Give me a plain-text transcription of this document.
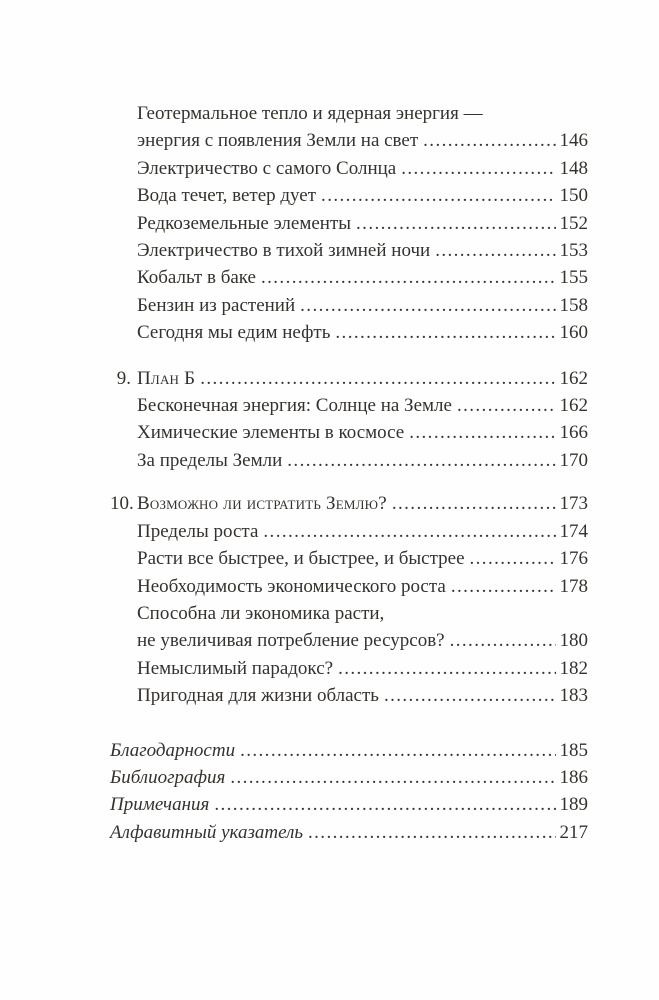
Геотермальное тепло и ядерная энергия —
энергия с появления Земли на свет .....	146
Электричество с самого Солнца .....	148
Вода течет, ветер дует .....	150
Редкоземельные элементы .....	152
Электричество в тихой зимней ночи .....	153
Кобальт в баке .....	155
Бензин из растений .....	158
Сегодня мы едим нефть .....	160
9. План Б .....	162
Бесконечная энергия: Солнце на Земле .....	162
Химические элементы в космосе .....	166
За пределы Земли .....	170
10. Возможно ли истратить Землю? .....	173
Пределы роста .....	174
Расти все быстрее, и быстрее, и быстрее .....	176
Необходимость экономического роста .....	178
Способна ли экономика расти,
не увеличивая потребление ресурсов? .....	180
Немыслимый парадокс? .....	182
Пригодная для жизни область .....	183
Благодарности .....	185
Библиография .....	186
Примечания .....	189
Алфавитный указатель .....	217
